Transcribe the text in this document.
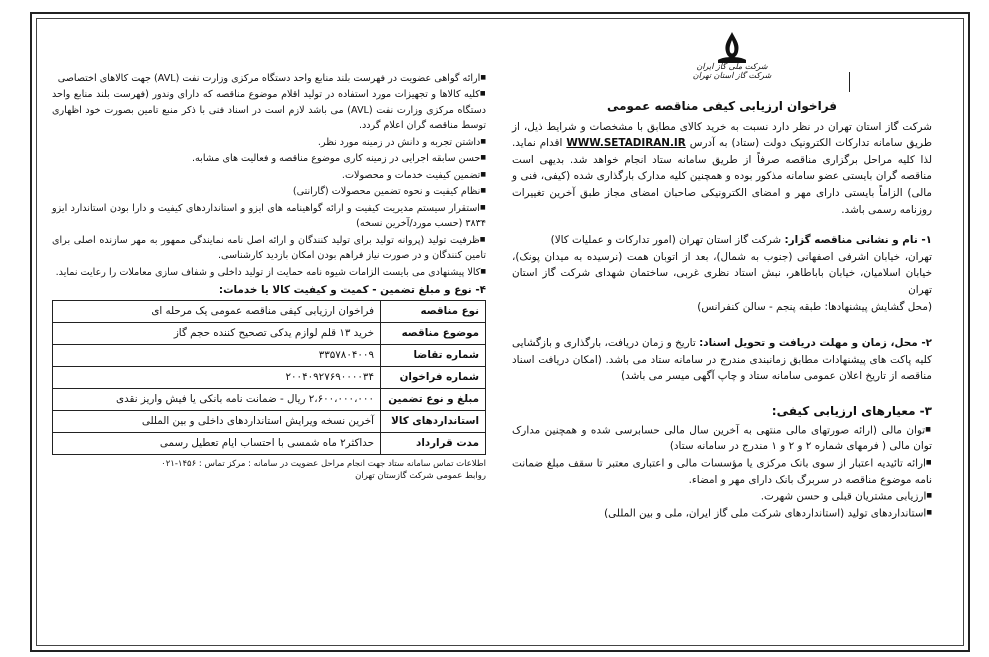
شرکت ملی گاز ایران
شرکت گاز استان تهران
فراخوان ارزیابی کیفی مناقصه عمومی

شرکت گاز استان تهران در نظر دارد نسبت به خرید کالای مطابق با مشخصات و شرایط ذیل، از طریق سامانه تدارکات الکترونیک دولت (ستاد) به آدرس WWW.SETADIRAN.IR اقدام نماید. لذا کلیه مراحل برگزاری مناقصه صرفاً از طریق سامانه ستاد انجام خواهد شد. بدیهی است مناقصه گران بایستی عضو سامانه مذکور بوده و همچنین کلیه مدارک بارگذاری شده (کیفی، فنی و مالی) الزاماً بایستی دارای مهر و امضای الکترونیکی صاحبان امضای مجاز طبق آخرین تغییرات روزنامه رسمی باشد.

۱- نام و نشانی مناقصه گزار: شرکت گاز استان تهران (امور تدارکات و عملیات کالا)

تهران، خیابان اشرفی اصفهانی (جنوب به شمال)، بعد از اتوبان همت (نرسیده به میدان پونک)، خیابان اسلامیان، خیابان باباطاهر، نبش استاد نظری غربی، ساختمان شهدای شرکت گاز استان تهران

(محل گشایش پیشنهادها: طبقه پنجم - سالن کنفرانس)

۲- محل، زمان و مهلت دریافت و تحویل اسناد: تاریخ و زمان دریافت، بارگذاری و بازگشایی کلیه پاکت های پیشنهادات مطابق زمانبندی مندرج در سامانه ستاد می باشد. (امکان دریافت اسناد مناقصه از تاریخ اعلان عمومی سامانه ستاد و چاپ آگهی میسر می باشد)

۳- معیارهای ارزیابی کیفی:

■ توان مالی (ارائه صورتهای مالی منتهی به آخرین سال مالی حسابرسی شده و همچنین مدارک توان مالی ( فرمهای شماره ۲ و ۲ و ۱ مندرج در سامانه ستاد)

■ ارائه تائیدیه اعتبار از سوی بانک مرکزی یا مؤسسات مالی و اعتباری معتبر تا سقف مبلغ ضمانت نامه موضوع مناقصه در سربرگ بانک دارای مهر و امضاء.

■ ارزیابی مشتریان قبلی و حسن شهرت.

■ استانداردهای تولید (استانداردهای شرکت ملی گاز ایران، ملی و بین المللی)

■ ارائه گواهی عضویت در فهرست بلند منابع واحد دستگاه مرکزی وزارت نفت (AVL) جهت کالاهای اختصاصی

■ کلیه کالاها و تجهیزات مورد استفاده در تولید اقلام موضوع مناقصه که دارای وندور (فهرست بلند منابع واحد دستگاه مرکزی وزارت نفت (AVL) می باشد لازم است در اسناد فنی با ذکر منبع تامین بصورت خود اظهاری توسط مناقصه گران اعلام گردد.

■ داشتن تجربه و دانش در زمینه مورد نظر.

■ حسن سابقه اجرایی در زمینه کاری موضوع مناقصه و فعالیت های مشابه.

■ تضمین کیفیت خدمات و محصولات.

■ نظام کیفیت و نحوه تضمین محصولات (گارانتی)

■ استقرار سیستم مدیریت کیفیت و ارائه گواهینامه های ایزو و استانداردهای کیفیت و دارا بودن استاندارد ایزو ۳۸۳۴ (حسب مورد/آخرین نسخه)

■ ظرفیت تولید (پروانه تولید برای تولید کنندگان و ارائه اصل نامه نمایندگی ممهور به مهر سازنده اصلی برای تامین کنندگان و در صورت نیاز فراهم بودن امکان بازدید کارشناسی.

■ کالا پیشنهادی می بایست الزامات شیوه نامه حمایت از تولید داخلی و شفاف سازی معاملات را رعایت نماید.

۴- نوع و مبلغ تضمین - کمیت و کیفیت کالا یا خدمات:
نوع مناقصه	فراخوان ارزیابی کیفی مناقصه عمومی یک مرحله ای
موضوع مناقصه	خرید ۱۳ قلم لوازم یدکی تصحیح کننده حجم گاز
شماره تقاضا	۳۳۵۷۸۰۴۰۰۹
شماره فراخوان	۲۰۰۴۰۹۲۷۶۹۰۰۰۰۳۴
مبلغ و نوع تضمین	۲،۶۰۰،۰۰۰،۰۰۰ ریال - ضمانت نامه بانکی یا فیش واریز نقدی
استانداردهای کالا	آخرین نسخه ویرایش استانداردهای داخلی و بین المللی
مدت قرارداد	حداکثر۲ ماه شمسی با احتساب ایام تعطیل رسمی
اطلاعات تماس سامانه ستاد جهت انجام مراحل عضویت در سامانه : مرکز تماس : ۱۴۵۶-۰۲۱
روابط عمومی شرکت گازستان تهران
